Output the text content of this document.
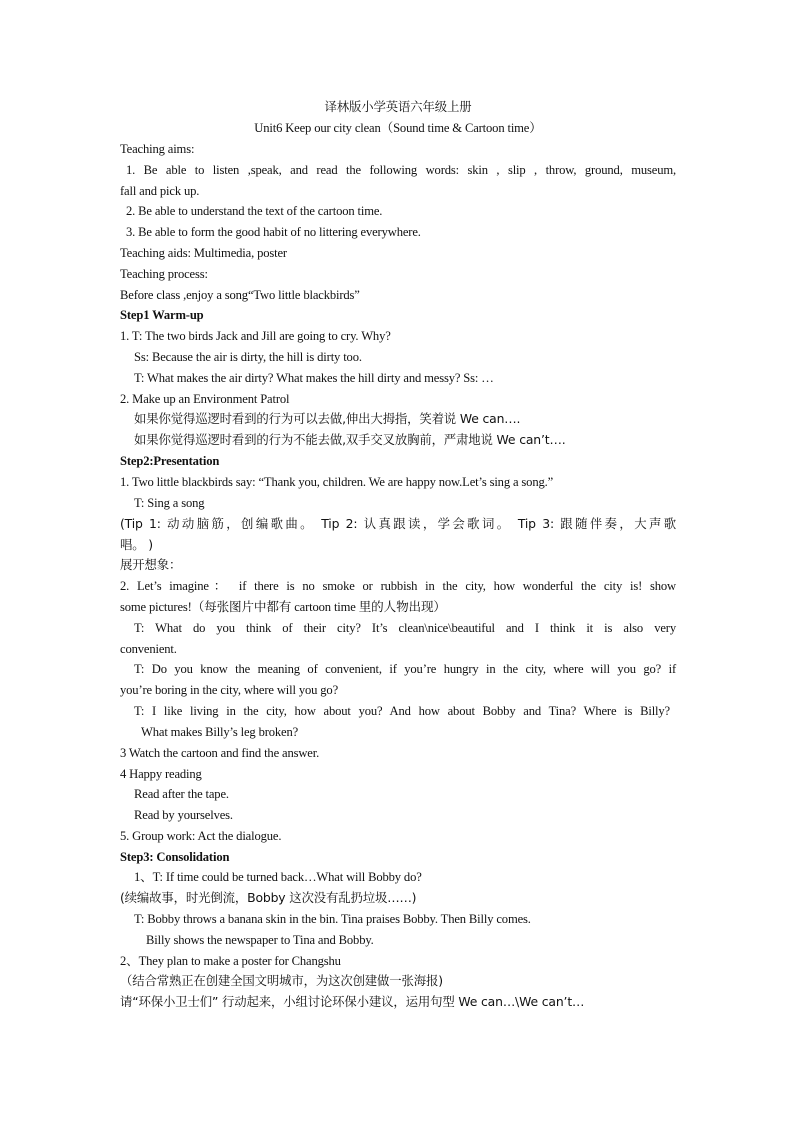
译林版小学英语六年级上册
Unit6 Keep our city clean（Sound time & Cartoon time）
Teaching aims:
1. Be able to listen ,speak, and read the following words: skin , slip , throw, ground, museum,
fall and pick up.
2. Be able to understand the text of the cartoon time.
3. Be able to form the good habit of no littering everywhere.
Teaching aids: Multimedia, poster
Teaching process:
Before class ,enjoy a song“Two little blackbirds”
Step1 Warm-up
1. T: The two birds Jack and Jill are going to cry. Why?
Ss: Because the air is dirty, the hill is dirty too.
T: What makes the air dirty? What makes the hill dirty and messy? Ss: …
2. Make up an Environment Patrol
如果你觉得巡逻时看到的行为可以去做,伸出大拇指，笑着说 We can….
如果你觉得巡逻时看到的行为不能去做,双手交叉放胸前，严肃地说 We can’t….
Step2:Presentation
1. Two little blackbirds say: “Thank you, children. We are happy now.Let’s sing a song.”
T: Sing a song
(Tip 1: 动动脑筋，创编歌曲。 Tip 2: 认真跟读，学会歌词。 Tip 3: 跟随伴奏，大声歌
唱。 )
展开想象：
2. Let’s imagine： if there is no smoke or rubbish in the city, how wonderful the city is! show
some pictures!（每张图片中都有 cartoon time 里的人物出现）
T: What do you think of their city? It’s clean\nice\beautiful and I think it is also very
convenient.
T: Do you know the meaning of convenient, if you’re hungry in the city, where will you go? if
you’re boring in the city, where will you go?
T: I like living in the city, how about you? And how about Bobby and Tina? Where is Billy?
What makes Billy’s leg broken?
3 Watch the cartoon and find the answer.
4 Happy reading
Read after the tape.
Read by yourselves.
5. Group work: Act the dialogue.
Step3: Consolidation
1、T: If time could be turned back…What will Bobby do?
(续编故事，时光倒流，Bobby 这次没有乱扔垃圾……)
T: Bobby throws a banana skin in the bin. Tina praises Bobby. Then Billy comes.
Billy shows the newspaper to Tina and Bobby.
2、They plan to make a poster for Changshu
（结合常熟正在创建全国文明城市，为这次创建做一张海报)
请“环保小卫士们” 行动起来，小组讨论环保小建议，运用句型 We can…\We can’t…
